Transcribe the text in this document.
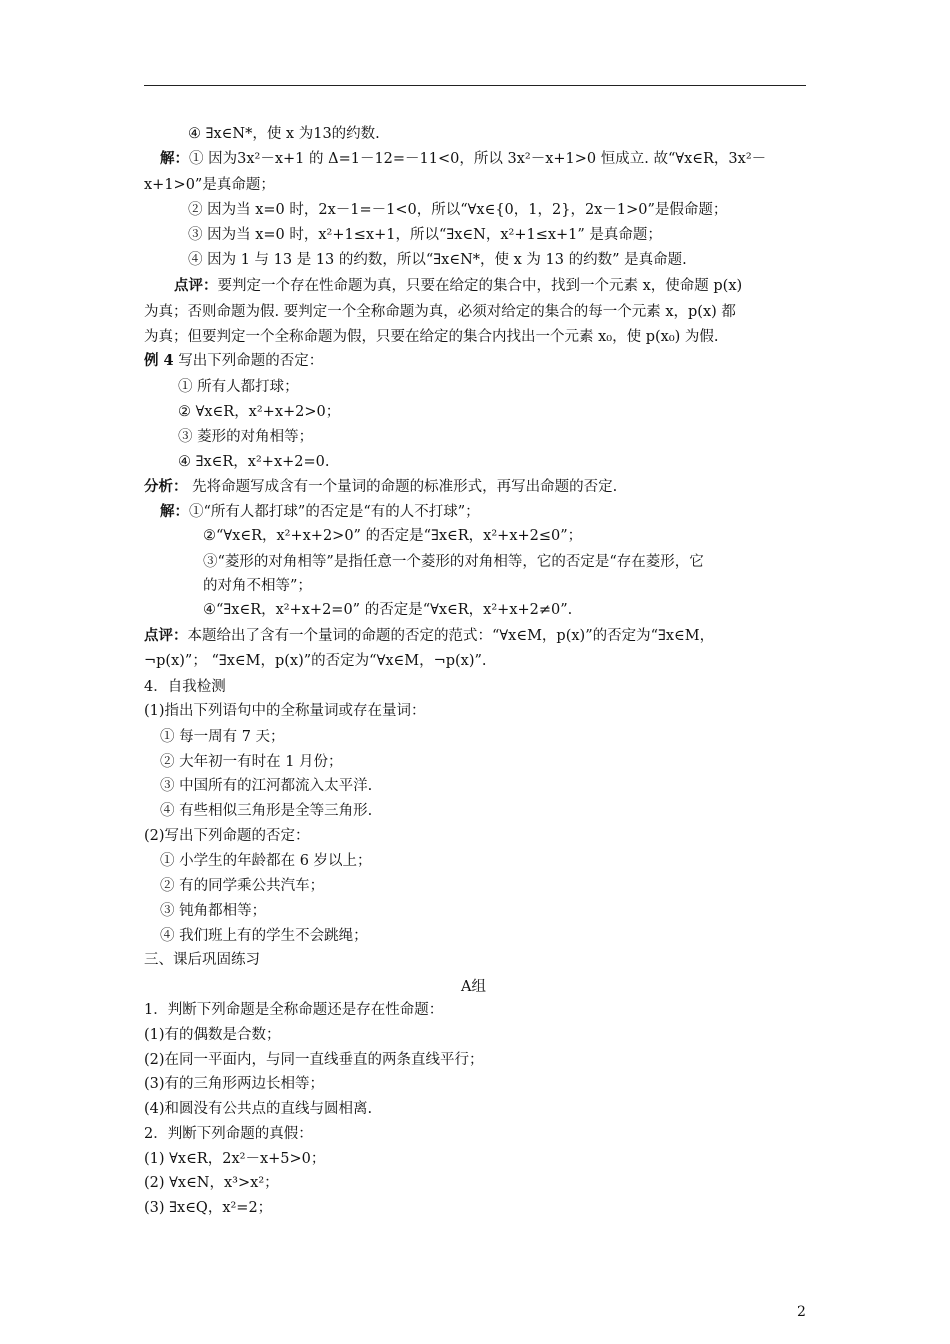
④ ∃x∈N*，使 x 为13的约数.
解：① 因为3x²－x+1 的 Δ=1－12=－11<0，所以 3x²－x+1>0 恒成立. 故“∀x∈R，3x²－
x+1>0”是真命题；
② 因为当 x=0 时，2x－1=－1<0，所以“∀x∈{0，1，2}，2x－1>0”是假命题；
③ 因为当 x=0 时，x²+1≤x+1，所以“∃x∈N，x²+1≤x+1” 是真命题；
④ 因为 1 与 13 是 13 的约数，所以“∃x∈N*，使 x 为 13 的约数” 是真命题.
点评：要判定一个存在性命题为真，只要在给定的集合中，找到一个元素 x，使命题 p(x)
为真；否则命题为假. 要判定一个全称命题为真，必须对给定的集合的每一个元素 x，p(x) 都
为真；但要判定一个全称命题为假，只要在给定的集合内找出一个元素 x₀，使 p(x₀) 为假.
例 4 写出下列命题的否定：
① 所有人都打球；
② ∀x∈R，x²+x+2>0；
③ 菱形的对角相等；
④ ∃x∈R，x²+x+2=0.
分析： 先将命题写成含有一个量词的命题的标准形式，再写出命题的否定.
解：①“所有人都打球”的否定是“有的人不打球”；
②“∀x∈R，x²+x+2>0” 的否定是“∃x∈R，x²+x+2≤0”；
③“菱形的对角相等”是指任意一个菱形的对角相等，它的否定是“存在菱形，它
的对角不相等”；
④“∃x∈R，x²+x+2=0” 的否定是“∀x∈R，x²+x+2≠0”.
点评：本题给出了含有一个量词的命题的否定的范式：“∀x∈M，p(x)”的否定为“∃x∈M，
¬p(x)”； “∃x∈M，p(x)”的否定为“∀x∈M，¬p(x)”.
4．自我检测
(1)指出下列语句中的全称量词或存在量词：
① 每一周有 7 天；
② 大年初一有时在 1 月份；
③ 中国所有的江河都流入太平洋.
④ 有些相似三角形是全等三角形.
(2)写出下列命题的否定：
① 小学生的年龄都在 6 岁以上；
② 有的同学乘公共汽车；
③ 钝角都相等；
④ 我们班上有的学生不会跳绳；
三、课后巩固练习
A组
1．判断下列命题是全称命题还是存在性命题：
(1)有的偶数是合数；
(2)在同一平面内，与同一直线垂直的两条直线平行；
(3)有的三角形两边长相等；
(4)和圆没有公共点的直线与圆相离.
2．判断下列命题的真假：
(1) ∀x∈R，2x²－x+5>0；
(2) ∀x∈N，x³>x²；
(3) ∃x∈Q，x²=2；
2
